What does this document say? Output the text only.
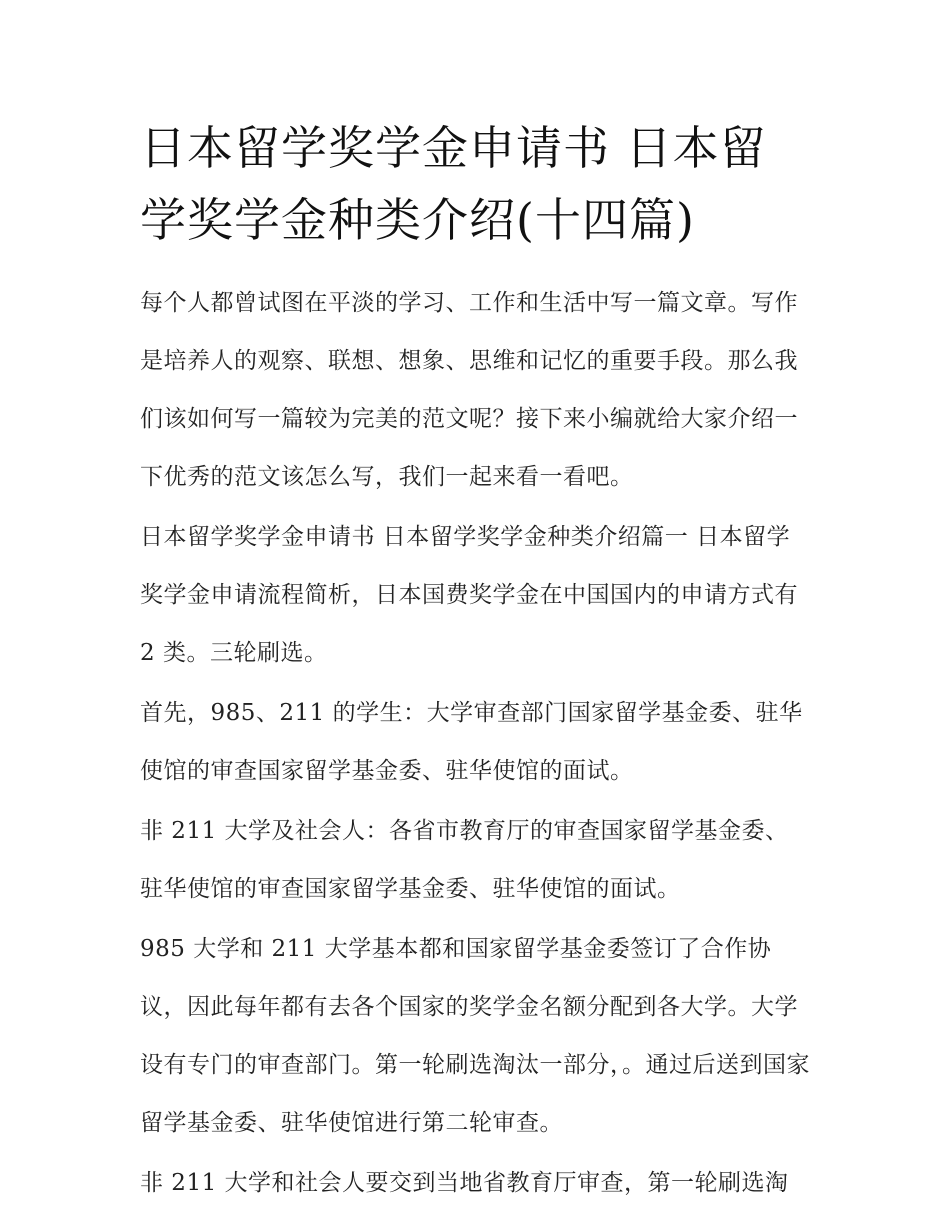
日本留学奖学金申请书 日本留学奖学金种类介绍(十四篇)

每个人都曾试图在平淡的学习、工作和生活中写一篇文章。写作是培养人的观察、联想、想象、思维和记忆的重要手段。那么我们该如何写一篇较为完美的范文呢？接下来小编就给大家介绍一下优秀的范文该怎么写，我们一起来看一看吧。

日本留学奖学金申请书 日本留学奖学金种类介绍篇一 日本留学奖学金申请流程简析，日本国费奖学金在中国国内的申请方式有 2 类。三轮刷选。

首先，985、211 的学生：大学审查部门国家留学基金委、驻华使馆的审查国家留学基金委、驻华使馆的面试。

非 211 大学及社会人：各省市教育厅的审查国家留学基金委、驻华使馆的审查国家留学基金委、驻华使馆的面试。

985 大学和 211 大学基本都和国家留学基金委签订了合作协议，因此每年都有去各个国家的奖学金名额分配到各大学。大学设有专门的审查部门。第一轮刷选淘汰一部分，。通过后送到国家留学基金委、驻华使馆进行第二轮审查。

非 211 大学和社会人要交到当地省教育厅审查，第一轮刷选淘
